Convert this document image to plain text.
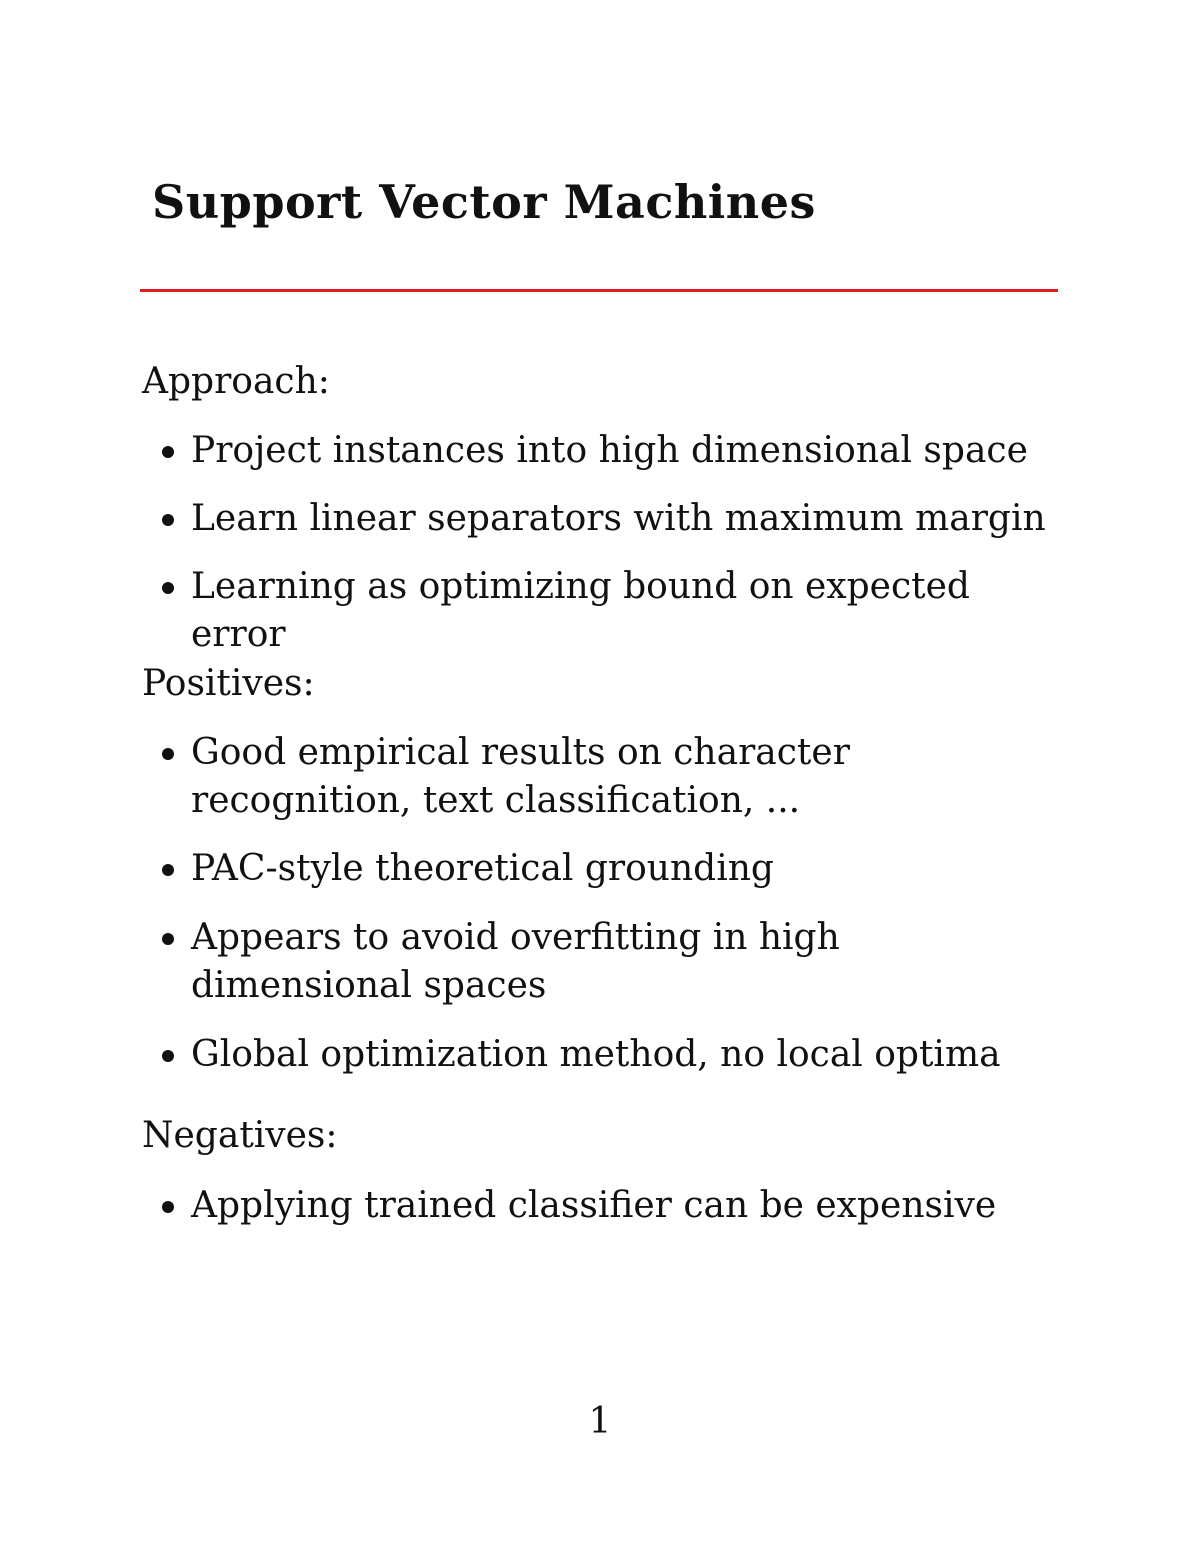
Support Vector Machines
Approach:
Project instances into high dimensional space
Learn linear separators with maximum margin
Learning as optimizing bound on expected error
Positives:
Good empirical results on character recognition, text classification, ...
PAC-style theoretical grounding
Appears to avoid overfitting in high dimensional spaces
Global optimization method, no local optima
Negatives:
Applying trained classifier can be expensive
1
